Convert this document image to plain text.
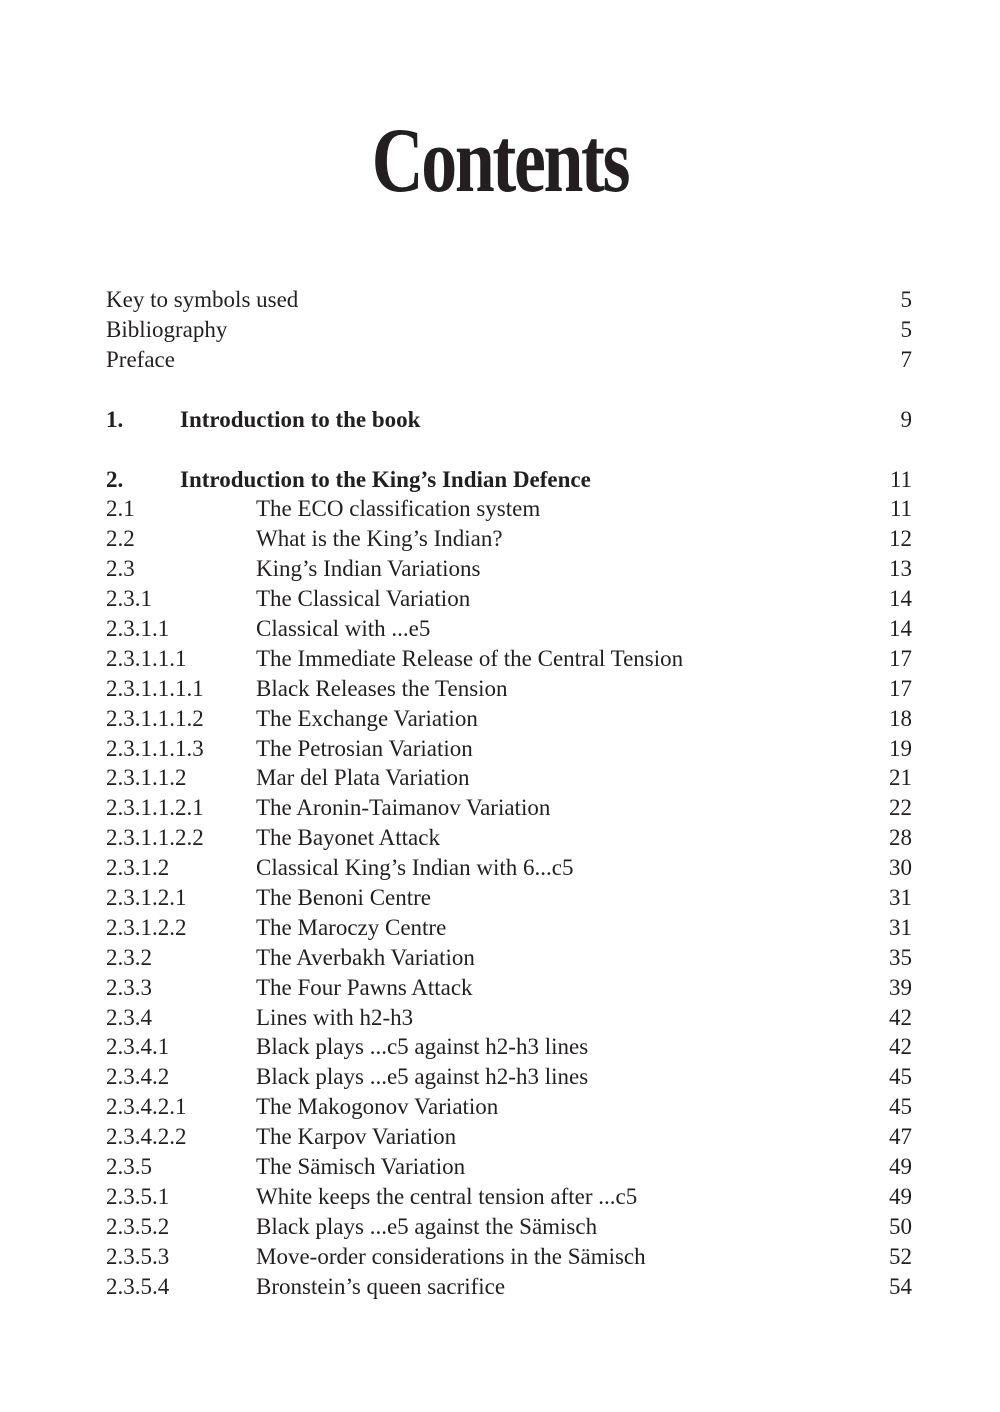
Contents
Key to symbols used	5
Bibliography	5
Preface	7
1. Introduction to the book	9
2. Introduction to the King’s Indian Defence	11
2.1	The ECO classification system	11
2.2	What is the King’s Indian?	12
2.3	King’s Indian Variations	13
2.3.1	The Classical Variation	14
2.3.1.1	Classical with ...e5	14
2.3.1.1.1	The Immediate Release of the Central Tension	17
2.3.1.1.1.1 Black Releases the Tension	17
2.3.1.1.1.2 The Exchange Variation	18
2.3.1.1.1.3 The Petrosian Variation	19
2.3.1.1.2	Mar del Plata Variation	21
2.3.1.1.2.1 The Aronin-Taimanov Variation	22
2.3.1.1.2.2 The Bayonet Attack	28
2.3.1.2	Classical King’s Indian with 6...c5	30
2.3.1.2.1	The Benoni Centre	31
2.3.1.2.2	The Maroczy Centre	31
2.3.2	The Averbakh Variation	35
2.3.3	The Four Pawns Attack	39
2.3.4	Lines with h2-h3	42
2.3.4.1	Black plays ...c5 against h2-h3 lines	42
2.3.4.2	Black plays ...e5 against h2-h3 lines	45
2.3.4.2.1	The Makogonov Variation	45
2.3.4.2.2	The Karpov Variation	47
2.3.5	The Sämisch Variation	49
2.3.5.1	White keeps the central tension after ...c5	49
2.3.5.2	Black plays ...e5 against the Sämisch	50
2.3.5.3	Move-order considerations in the Sämisch	52
2.3.5.4	Bronstein’s queen sacrifice	54
